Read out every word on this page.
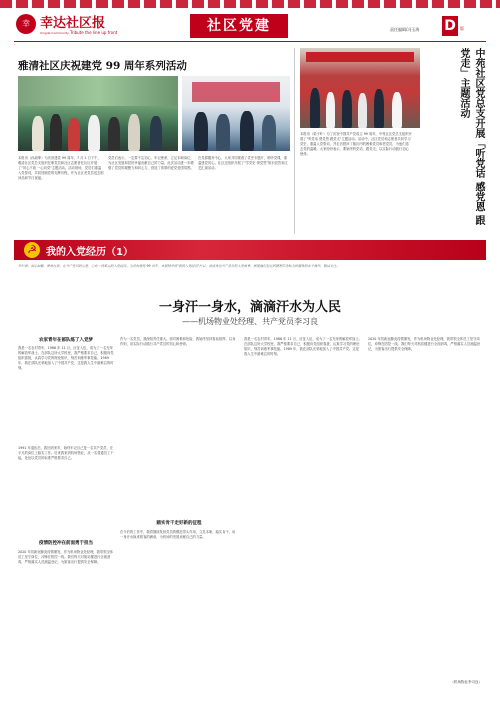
幸 幸达社区报
Tribute the line up front
Xingda Community	社区党建	责任编辑/冯玉海 D	版
雅清社区庆祝建党 99 周年系列活动
本报讯（孙淑坤）为庆祝建党 99 周年，7 月 1 日下午，雅清社区党总支组织在职党员和社区志愿者在社区开展了"初心不改 一心向党"主题活动。活动现场，党员们重温入党誓词，共同回顾党的光辉历程，并为社区老党员送去慰问品和节日祝福。
党员们表示，一定要不忘初心、牢记使命，立足本职岗位，为社区发展和居民幸福贡献自己的力量。此次活动进一步增强了党员的凝聚力和向心力，营造了浓厚的爱党爱国氛围。
在党群服务中心，大家共同观看了党史专题片，聆听党课，重温建党初心。社区还组织开展了"学党史 颂党恩"知识竞答和文艺汇演活动。
本报讯（梁子叶）为了庆祝中国共产党成立 99 周年，中苑社区党总支组织开展了"听党话 感党恩 跟党走"主题活动。活动中，社区党员和志愿者共同学习党史，重温入党誓词，并走访慰问了辖区内的困难党员和老党员，为他们送去党的温暖。大家纷纷表示，要始终听党话、跟党走，以实际行动践行初心使命。	中苑社区党总支开展「听党话 感党恩 跟党走」主题活动
☭ 我的入党经历（1）
开栏语：初心如磐，使命在肩。在共产党员的心里，总有一段难忘的入党经历。为庆祝建党 99 周年，本报特开设"我的入党经历"栏目，讲述身边共产党员的入党故事，展现他们坚定的理想信念和为民服务的赤子情怀，敬请关注。
一身汗一身水，滴滴汗水为人民
——机场物业处经理、共产党员李习良
农家青年在部队练了入党梦
我是一名农村青年，1986 年 11 月，应征入伍，成为了一名光荣的解放军战士。在部队这所大学校里，我严格要求自己，积极向党组织靠拢，认真学习党的理论知识，刻苦训练军事技能。1989 年，我在部队光荣地加入了中国共产党，这是我人生中最难忘的时刻。
1991 年退伍后，我回到家乡，始终牢记自己是一名共产党员，在平凡的岗位上踏实工作。后来我来到机场物业，从一名普通员工干起，处处以党员的标准严格要求自己。
疫情防控冲在前面勇于担当
2020 年初新冠肺炎疫情暴发，作为机场物业处经理，我带领全体员工坚守岗位，冲锋在防控一线。我们每天对航站楼进行全面消毒，严格落实人员测温登记，为旅客出行提供安全保障。
作为一名党员，我深知责任重大。面对困难和危险，我始终坚持靠前指挥、以身作则，用实际行动践行共产党员的初心和使命。
踏实肯干走好新的征程
在今后的工作中，我将继续发扬党员的模范带头作用，立足本职、踏实肯干，用一身汗水换来旅客的满意，为机场的发展贡献自己的力量。
我是一名农村青年，1986 年 11 月，应征入伍，成为了一名光荣的解放军战士。在部队这所大学校里，我严格要求自己，积极向党组织靠拢，认真学习党的理论知识，刻苦训练军事技能。1989 年，我在部队光荣地加入了中国共产党，这是我人生中最难忘的时刻。
2020 年初新冠肺炎疫情暴发，作为机场物业处经理，我带领全体员工坚守岗位，冲锋在防控一线。我们每天对航站楼进行全面消毒，严格落实人员测温登记，为旅客出行提供安全保障。
（机场物业李习良）
